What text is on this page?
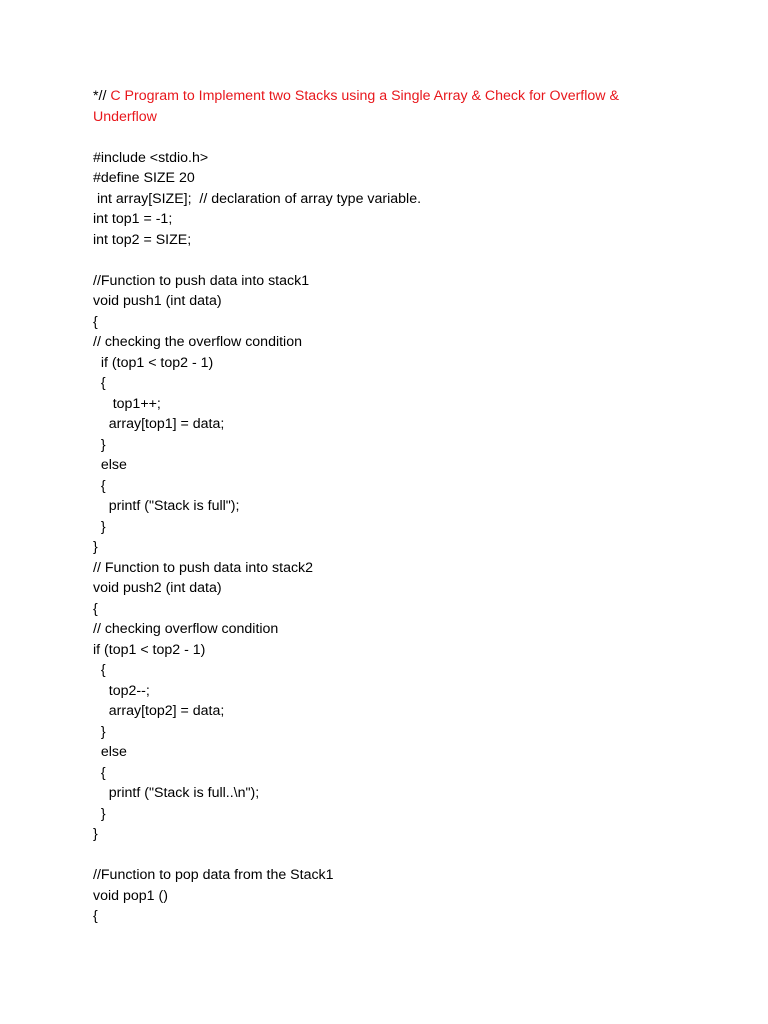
*// C Program to Implement two Stacks using a Single Array & Check for Overflow & Underflow
#include <stdio.h>
#define SIZE 20
int array[SIZE];  // declaration of array type variable.
int top1 = -1;
int top2 = SIZE;
//Function to push data into stack1
void push1 (int data)
{
// checking the overflow condition
if (top1 < top2 - 1)
{
top1++;
array[top1] = data;
}
else
{
printf ("Stack is full");
}
}
// Function to push data into stack2
void push2 (int data)
{
// checking overflow condition
if (top1 < top2 - 1)
{
top2--;
array[top2] = data;
}
else
{
printf ("Stack is full..\n");
}
}
//Function to pop data from the Stack1
void pop1 ()
{
